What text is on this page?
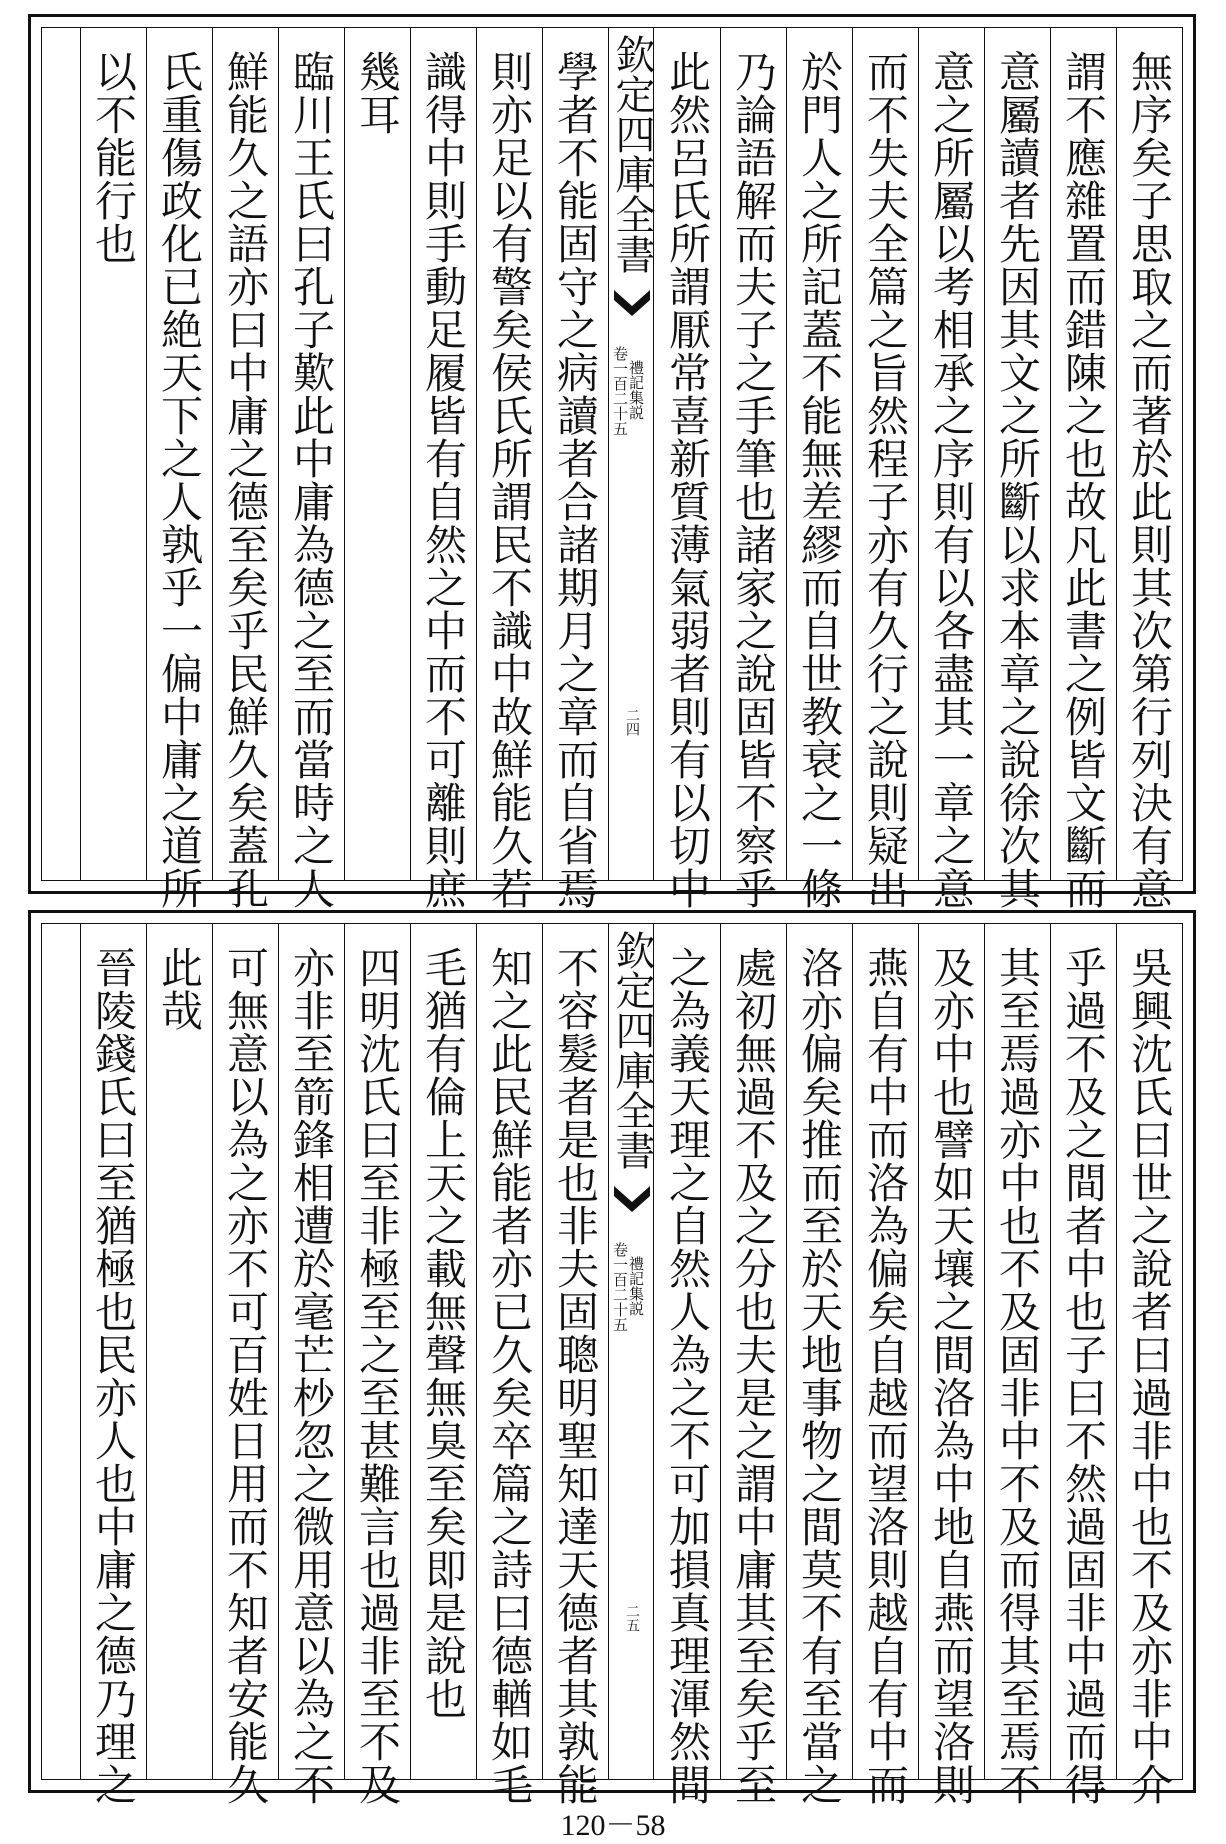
無序矣子思取之而著於此則其次第行列決有意
謂不應雜置而錯陳之也故凡此書之例皆文斷而
意屬讀者先因其文之所斷以求本章之說徐次其
意之所屬以考相承之序則有以各盡其一章之意
而不失夫全篇之旨然程子亦有久行之說則疑出
於門人之所記蓋不能無差繆而自世教衰之一條
乃論語解而夫子之手筆也諸家之說固皆不察乎
此然呂氏所謂厭常喜新質薄氣弱者則有以切中
欽定四庫全書
禮記集説
卷一百二十五
二四
學者不能固守之病讀者合諸期月之章而自省焉
則亦足以有警矣侯氏所謂民不識中故鮮能久若
識得中則手動足履皆有自然之中而不可離則庶
幾耳
臨川王氏曰孔子歎此中庸為德之至而當時之人
鮮能久之語亦曰中庸之德至矣乎民鮮久矣蓋孔
氏重傷政化已絶天下之人孰乎一偏中庸之道所
以不能行也
吳興沈氏曰世之說者曰過非中也不及亦非中介
乎過不及之間者中也子曰不然過固非中過而得
其至焉過亦中也不及固非中不及而得其至焉不
及亦中也譬如天壤之間洛為中地自燕而望洛則
燕自有中而洛為偏矣自越而望洛則越自有中而
洛亦偏矣推而至於天地事物之間莫不有至當之
處初無過不及之分也夫是之謂中庸其至矣乎至
之為義天理之自然人為之不可加損真理渾然間
欽定四庫全書
禮記集説
卷一百二十五
二五
不容髮者是也非夫固聰明聖知達天德者其孰能
知之此民鮮能者亦已久矣卒篇之詩曰德輶如毛
毛猶有倫上天之載無聲無臭至矣即是說也
四明沈氏曰至非極至之至甚難言也過非至不及
亦非至箭鋒相遭於毫芒杪忽之微用意以為之不
可無意以為之亦不可百姓日用而不知者安能久
此哉
晉陵錢氏曰至猶極也民亦人也中庸之德乃理之
120－58
